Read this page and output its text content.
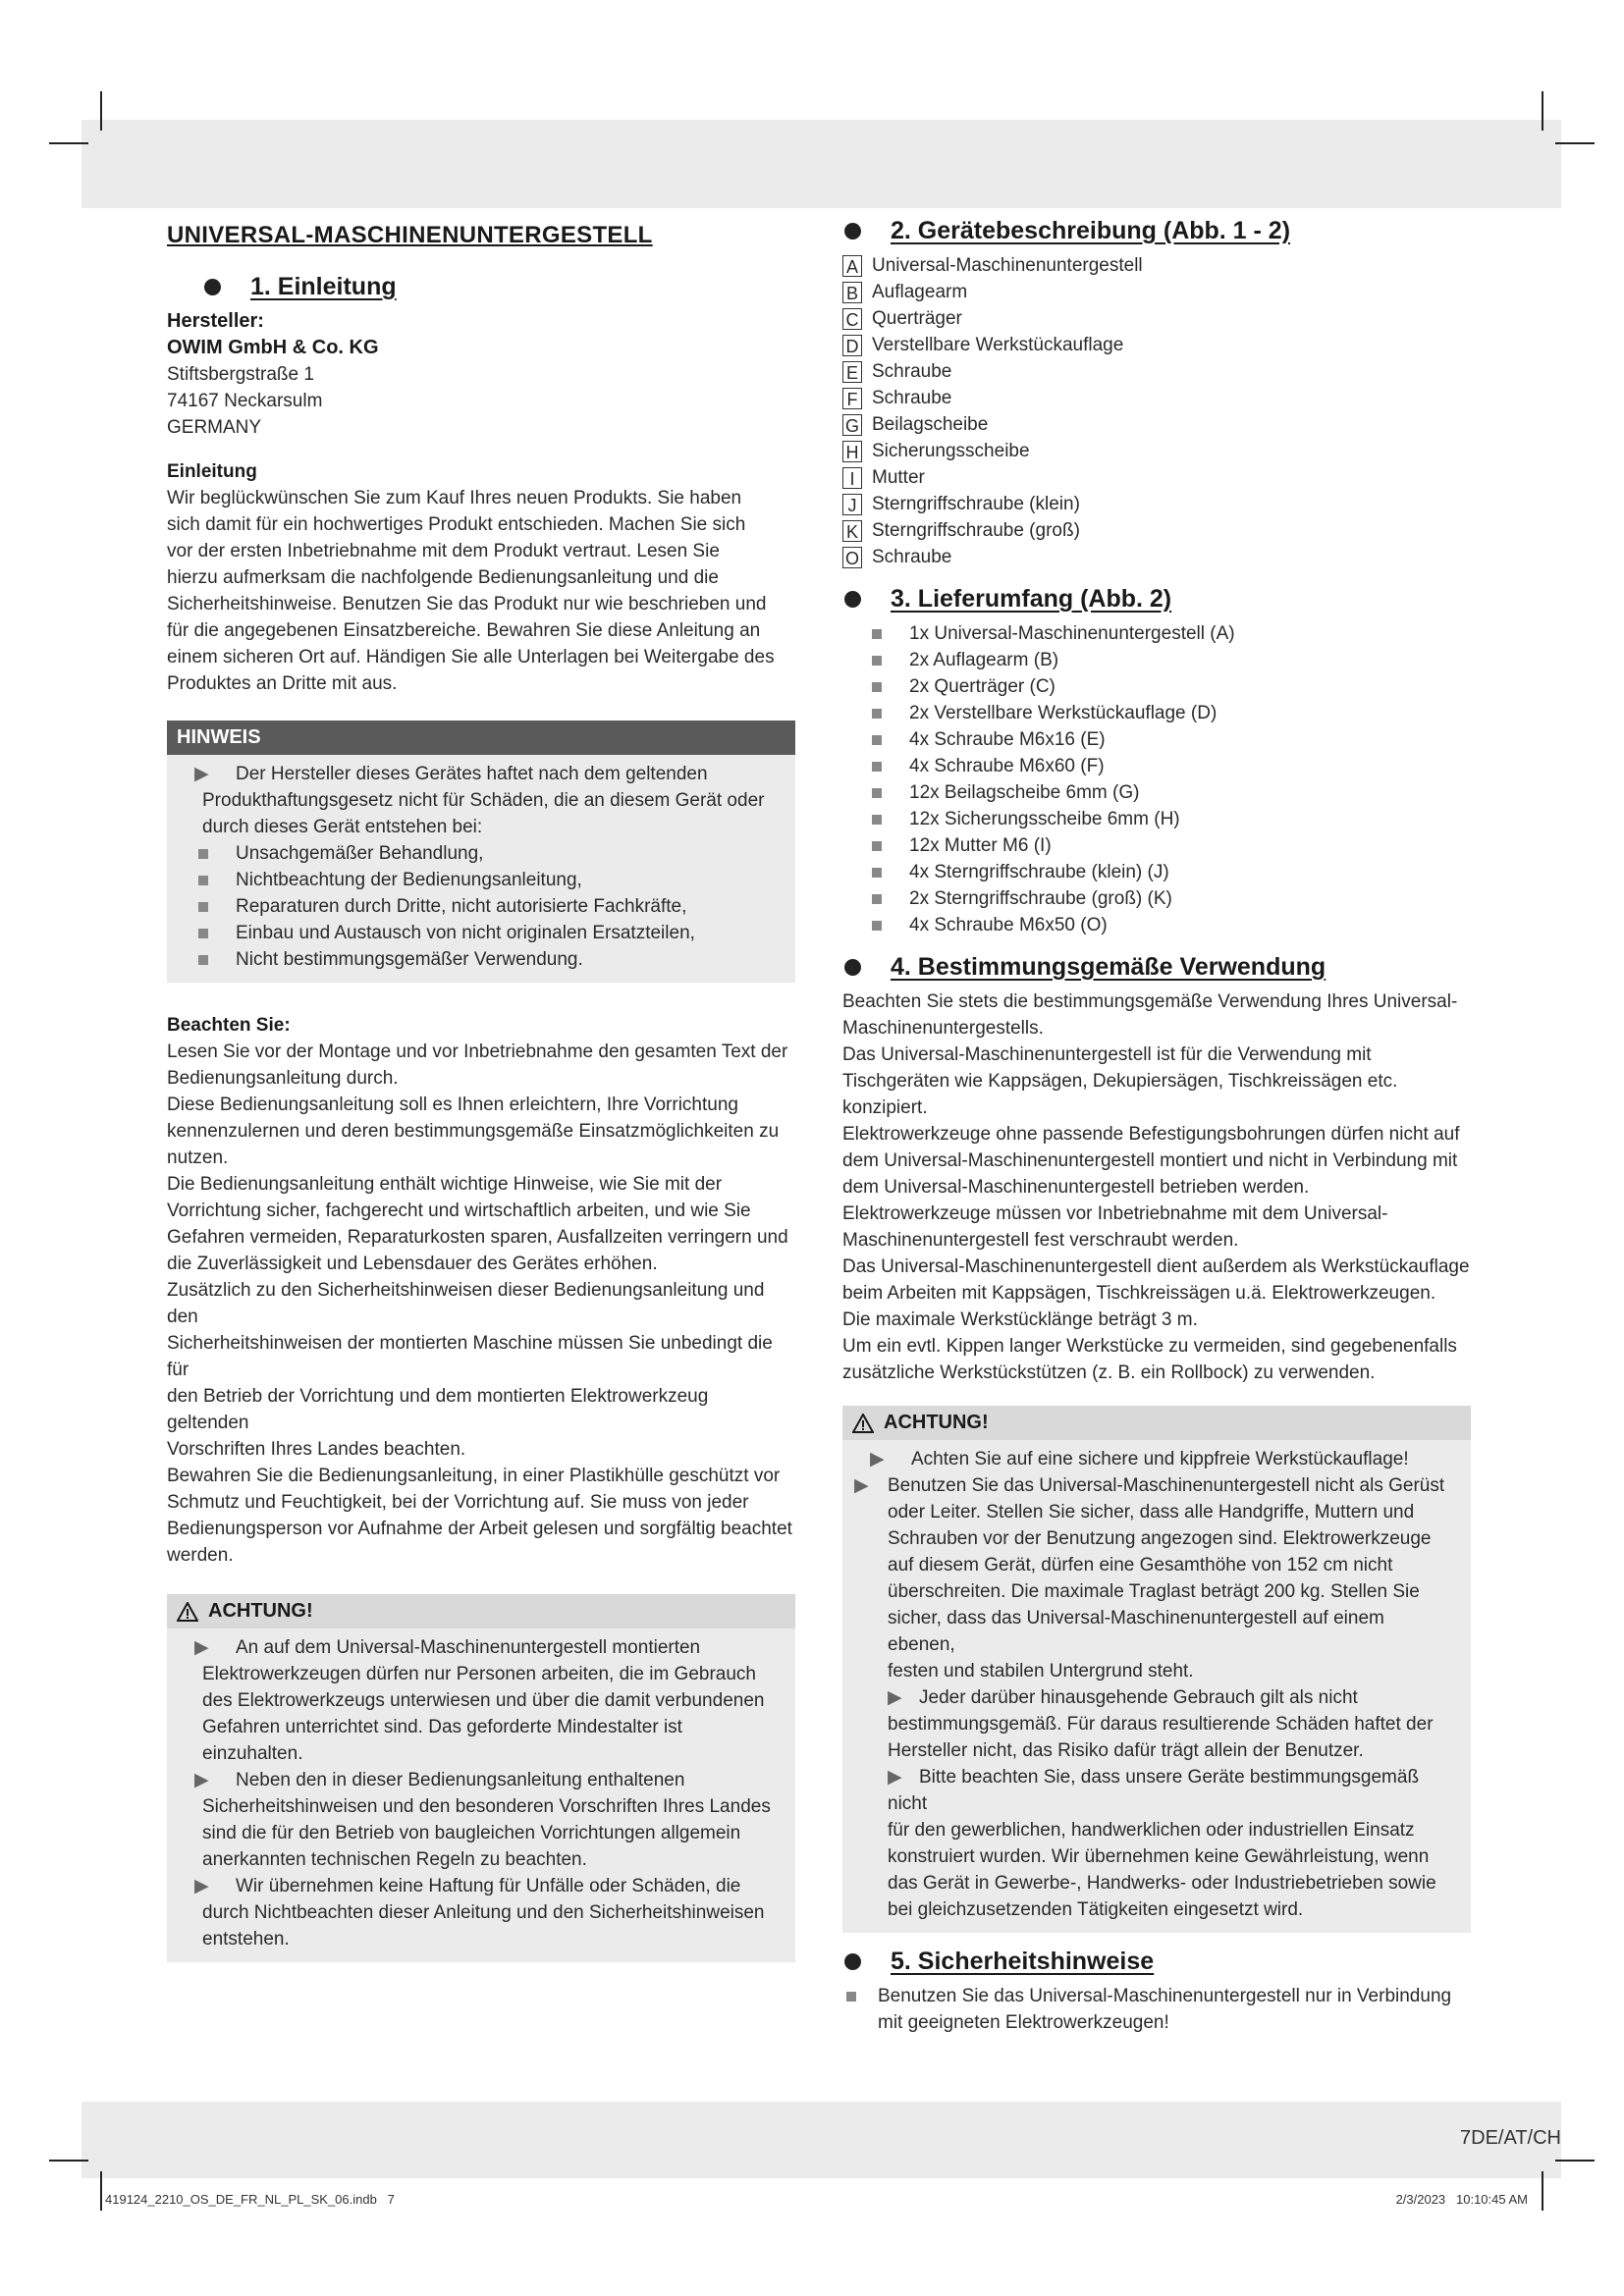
UNIVERSAL-MASCHINENUNTERGESTELL
1. Einleitung
Hersteller:
OWIM GmbH & Co. KG
Stiftsbergstraße 1
74167 Neckarsulm
GERMANY
Einleitung
Wir beglückwünschen Sie zum Kauf Ihres neuen Produkts. Sie haben
sich damit für ein hochwertiges Produkt entschieden. Machen Sie sich
vor der ersten Inbetriebnahme mit dem Produkt vertraut. Lesen Sie
hierzu aufmerksam die nachfolgende Bedienungsanleitung und die
Sicherheitshinweise. Benutzen Sie das Produkt nur wie beschrieben und
für die angegebenen Einsatzbereiche. Bewahren Sie diese Anleitung an
einem sicheren Ort auf. Händigen Sie alle Unterlagen bei Weitergabe des
Produktes an Dritte mit aus.
HINWEIS
▶ Der Hersteller dieses Gerätes haftet nach dem geltenden
Produkthaftungsgesetz nicht für Schäden, die an diesem Gerät oder
durch dieses Gerät entstehen bei:
Unsachgemäßer Behandlung,
Nichtbeachtung der Bedienungsanleitung,
Reparaturen durch Dritte, nicht autorisierte Fachkräfte,
Einbau und Austausch von nicht originalen Ersatzteilen,
Nicht bestimmungsgemäßer Verwendung.
Beachten Sie:
Lesen Sie vor der Montage und vor Inbetriebnahme den gesamten Text der
Bedienungsanleitung durch.
Diese Bedienungsanleitung soll es Ihnen erleichtern, Ihre Vorrichtung
kennenzulernen und deren bestimmungsgemäße Einsatzmöglichkeiten zu
nutzen.
Die Bedienungsanleitung enthält wichtige Hinweise, wie Sie mit der
Vorrichtung sicher, fachgerecht und wirtschaftlich arbeiten, und wie Sie
Gefahren vermeiden, Reparaturkosten sparen, Ausfallzeiten verringern und
die Zuverlässigkeit und Lebensdauer des Gerätes erhöhen.
Zusätzlich zu den Sicherheitshinweisen dieser Bedienungsanleitung und den
Sicherheitshinweisen der montierten Maschine müssen Sie unbedingt die für
den Betrieb der Vorrichtung und dem montierten Elektrowerkzeug geltenden
Vorschriften Ihres Landes beachten.
Bewahren Sie die Bedienungsanleitung, in einer Plastikhülle geschützt vor
Schmutz und Feuchtigkeit, bei der Vorrichtung auf. Sie muss von jeder
Bedienungsperson vor Aufnahme der Arbeit gelesen und sorgfältig beachtet
werden.
ACHTUNG!
▶ An auf dem Universal-Maschinenuntergestell montierten
Elektrowerkzeugen dürfen nur Personen arbeiten, die im Gebrauch
des Elektrowerkzeugs unterwiesen und über die damit verbundenen
Gefahren unterrichtet sind. Das geforderte Mindestalter ist
einzuhalten.
▶ Neben den in dieser Bedienungsanleitung enthaltenen
Sicherheitshinweisen und den besonderen Vorschriften Ihres Landes
sind die für den Betrieb von baugleichen Vorrichtungen allgemein
anerkannten technischen Regeln zu beachten.
▶ Wir übernehmen keine Haftung für Unfälle oder Schäden, die
durch Nichtbeachten dieser Anleitung und den Sicherheitshinweisen
entstehen.
2. Gerätebeschreibung (Abb. 1 - 2)
A Universal-Maschinenuntergestell
B Auflagearm
C Querträger
D Verstellbare Werkstückauflage
E Schraube
F Schraube
G Beilagscheibe
H Sicherungsscheibe
I Mutter
J Sterngriffschraube (klein)
K Sterngriffschraube (groß)
O Schraube
3. Lieferumfang (Abb. 2)
1x Universal-Maschinenuntergestell (A)
2x Auflagearm (B)
2x Querträger (C)
2x Verstellbare Werkstückauflage (D)
4x Schraube M6x16 (E)
4x Schraube M6x60 (F)
12x Beilagscheibe 6mm (G)
12x Sicherungsscheibe 6mm (H)
12x Mutter M6 (I)
4x Sterngriffschraube (klein) (J)
2x Sterngriffschraube (groß) (K)
4x Schraube M6x50 (O)
4. Bestimmungsgemäße Verwendung
Beachten Sie stets die bestimmungsgemäße Verwendung Ihres Universal-
Maschinenuntergestells.
Das Universal-Maschinenuntergestell ist für die Verwendung mit
Tischgeräten wie Kappsägen, Dekupiersägen, Tischkreissägen etc.
konzipiert.
Elektrowerkzeuge ohne passende Befestigungsbohrungen dürfen nicht auf
dem Universal-Maschinenuntergestell montiert und nicht in Verbindung mit
dem Universal-Maschinenuntergestell betrieben werden.
Elektrowerkzeuge müssen vor Inbetriebnahme mit dem Universal-
Maschinenuntergestell fest verschraubt werden.
Das Universal-Maschinenuntergestell dient außerdem als Werkstückauflage
beim Arbeiten mit Kappsägen, Tischkreissägen u.ä. Elektrowerkzeugen.
Die maximale Werkstücklänge beträgt 3 m.
Um ein evtl. Kippen langer Werkstücke zu vermeiden, sind gegebenenfalls
zusätzliche Werkstückstützen (z. B. ein Rollbock) zu verwenden.
ACHTUNG!
▶ Achten Sie auf eine sichere und kippfreie Werkstückauflage!
▶ Benutzen Sie das Universal-Maschinenuntergestell nicht als Gerüst
oder Leiter. Stellen Sie sicher, dass alle Handgriffe, Muttern und
Schrauben vor der Benutzung angezogen sind. Elektrowerkzeuge
auf diesem Gerät, dürfen eine Gesamthöhe von 152 cm nicht
überschreiten. Die maximale Traglast beträgt 200 kg. Stellen Sie
sicher, dass das Universal-Maschinenuntergestell auf einem ebenen,
festen und stabilen Untergrund steht.
▶ Jeder darüber hinausgehende Gebrauch gilt als nicht
bestimmungsgemäß. Für daraus resultierende Schäden haftet der
Hersteller nicht, das Risiko dafür trägt allein der Benutzer.
▶ Bitte beachten Sie, dass unsere Geräte bestimmungsgemäß nicht
für den gewerblichen, handwerklichen oder industriellen Einsatz
konstruiert wurden. Wir übernehmen keine Gewährleistung, wenn
das Gerät in Gewerbe-, Handwerks- oder Industriebetrieben sowie
bei gleichzusetzenden Tätigkeiten eingesetzt wird.
5. Sicherheitshinweise
Benutzen Sie das Universal-Maschinenuntergestell nur in Verbindung
mit geeigneten Elektrowerkzeugen!
7DE/AT/CH
419124_2210_OS_DE_FR_NL_PL_SK_06.indb   7	2/3/2023   10:10:45 AM
